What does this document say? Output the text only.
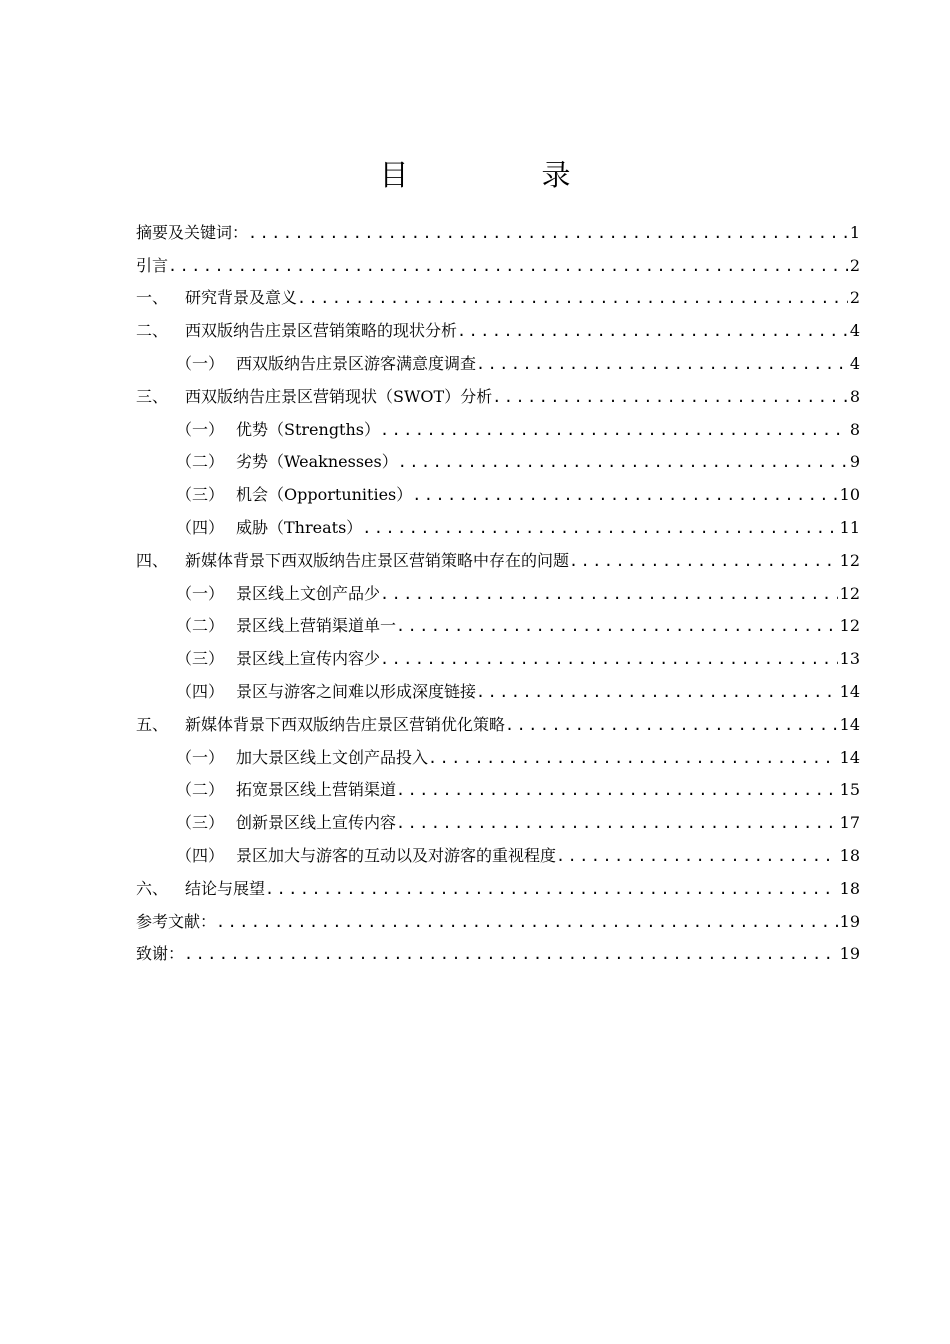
目　录
摘要及关键词： .....	1
引言 .....	2
一、	研究背景及意义 .....	2
二、	西双版纳告庄景区营销策略的现状分析 .....	4
（一） 西双版纳告庄景区游客满意度调查 .....	4
三、	西双版纳告庄景区营销现状（SWOT）分析 .....	8
（一） 优势（Strengths） .....	8
（二） 劣势（Weaknesses） .....	9
（三） 机会（Opportunities） .....	10
（四） 威胁（Threats） .....	11
四、	新媒体背景下西双版纳告庄景区营销策略中存在的问题 .....	12
（一） 景区线上文创产品少 .....	12
（二） 景区线上营销渠道单一 .....	12
（三） 景区线上宣传内容少 .....	13
（四） 景区与游客之间难以形成深度链接 .....	14
五、	新媒体背景下西双版纳告庄景区营销优化策略 .....	14
（一） 加大景区线上文创产品投入 .....	14
（二） 拓宽景区线上营销渠道 .....	15
（三） 创新景区线上宣传内容 .....	17
（四） 景区加大与游客的互动以及对游客的重视程度 .....	18
六、	结论与展望 .....	18
参考文献： .....	19
致谢： .....	19
